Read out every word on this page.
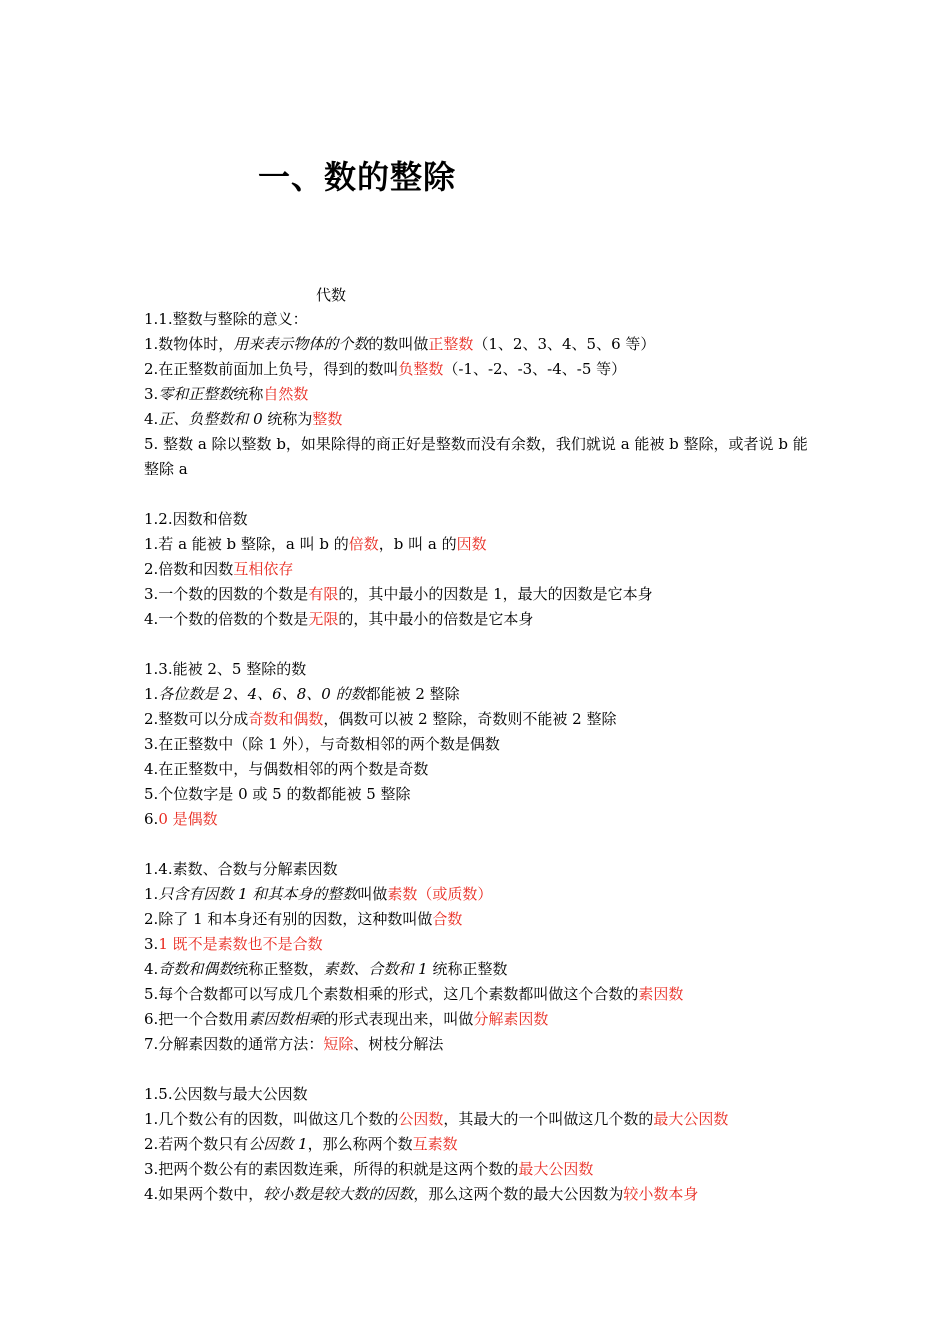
一、数的整除
代数
1.1.整数与整除的意义：
1.数物体时，用来表示物体的个数的数叫做正整数（1、2、3、4、5、6 等）
2.在正整数前面加上负号，得到的数叫负整数（-1、-2、-3、-4、-5 等）
3.零和正整数统称自然数
4.正、负整数和 0 统称为整数
5. 整数 a 除以整数 b，如果除得的商正好是整数而没有余数，我们就说 a 能被 b 整除，或者说 b 能整除 a
1.2.因数和倍数
1.若 a 能被 b 整除，a 叫 b 的倍数，b 叫 a 的因数
2.倍数和因数互相依存
3.一个数的因数的个数是有限的，其中最小的因数是 1，最大的因数是它本身
4.一个数的倍数的个数是无限的，其中最小的倍数是它本身
1.3.能被 2、5 整除的数
1.各位数是 2、4、6、8、0 的数都能被 2 整除
2.整数可以分成奇数和偶数，偶数可以被 2 整除，奇数则不能被 2 整除
3.在正整数中（除 1 外），与奇数相邻的两个数是偶数
4.在正整数中，与偶数相邻的两个数是奇数
5.个位数字是 0 或 5 的数都能被 5 整除
6.0 是偶数
1.4.素数、合数与分解素因数
1.只含有因数 1 和其本身的整数叫做素数（或质数）
2.除了 1 和本身还有别的因数，这种数叫做合数
3.1 既不是素数也不是合数
4.奇数和偶数统称正整数，素数、合数和 1 统称正整数
5.每个合数都可以写成几个素数相乘的形式，这几个素数都叫做这个合数的素因数
6.把一个合数用素因数相乘的形式表现出来，叫做分解素因数
7.分解素因数的通常方法：短除、树枝分解法
1.5.公因数与最大公因数
1.几个数公有的因数，叫做这几个数的公因数，其最大的一个叫做这几个数的最大公因数
2.若两个数只有公因数 1，那么称两个数互素数
3.把两个数公有的素因数连乘，所得的积就是这两个数的最大公因数
4.如果两个数中，较小数是较大数的因数，那么这两个数的最大公因数为较小数本身
